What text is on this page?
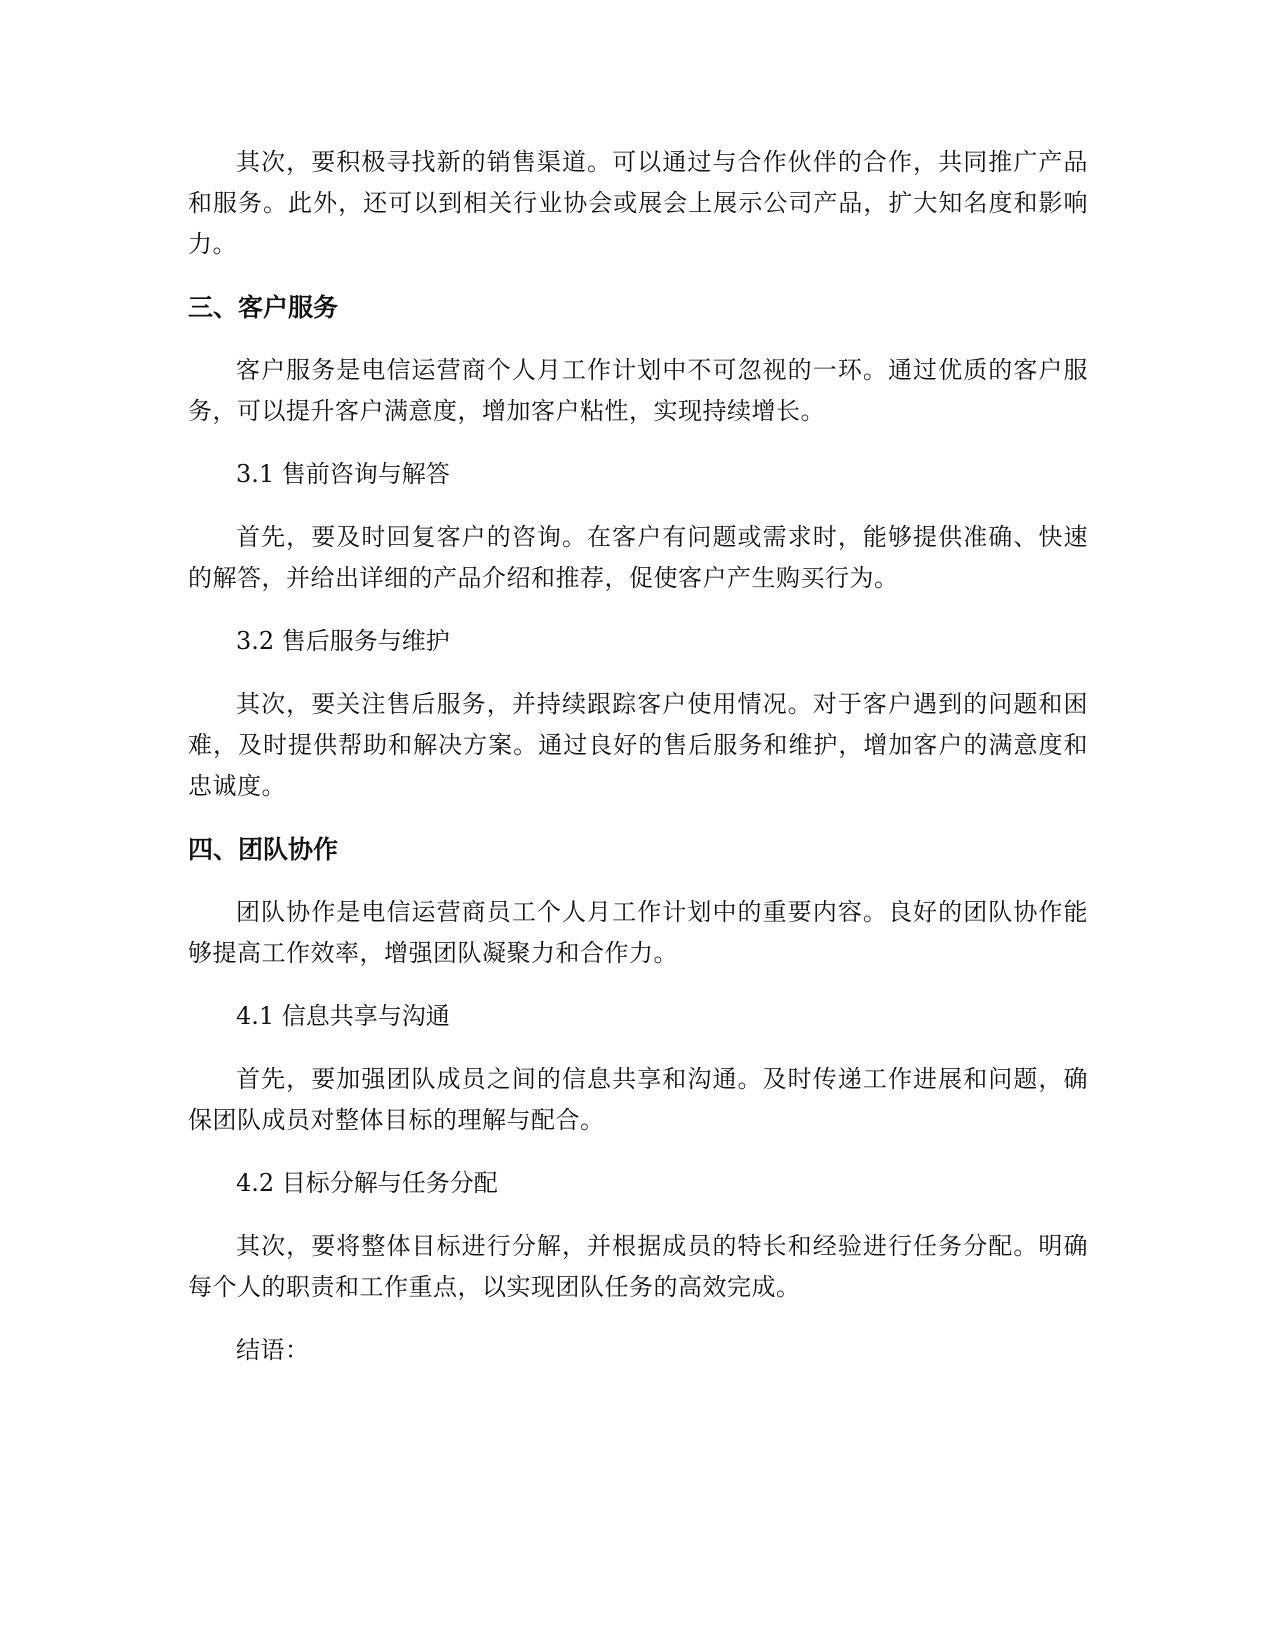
其次，要积极寻找新的销售渠道。可以通过与合作伙伴的合作，共同推广产品和服务。此外，还可以到相关行业协会或展会上展示公司产品，扩大知名度和影响力。

三、客户服务

客户服务是电信运营商个人月工作计划中不可忽视的一环。通过优质的客户服务，可以提升客户满意度，增加客户粘性，实现持续增长。

3.1 售前咨询与解答

首先，要及时回复客户的咨询。在客户有问题或需求时，能够提供准确、快速的解答，并给出详细的产品介绍和推荐，促使客户产生购买行为。

3.2 售后服务与维护

其次，要关注售后服务，并持续跟踪客户使用情况。对于客户遇到的问题和困难，及时提供帮助和解决方案。通过良好的售后服务和维护，增加客户的满意度和忠诚度。

四、团队协作

团队协作是电信运营商员工个人月工作计划中的重要内容。良好的团队协作能够提高工作效率，增强团队凝聚力和合作力。

4.1 信息共享与沟通

首先，要加强团队成员之间的信息共享和沟通。及时传递工作进展和问题，确保团队成员对整体目标的理解与配合。

4.2 目标分解与任务分配

其次，要将整体目标进行分解，并根据成员的特长和经验进行任务分配。明确每个人的职责和工作重点，以实现团队任务的高效完成。

结语：
